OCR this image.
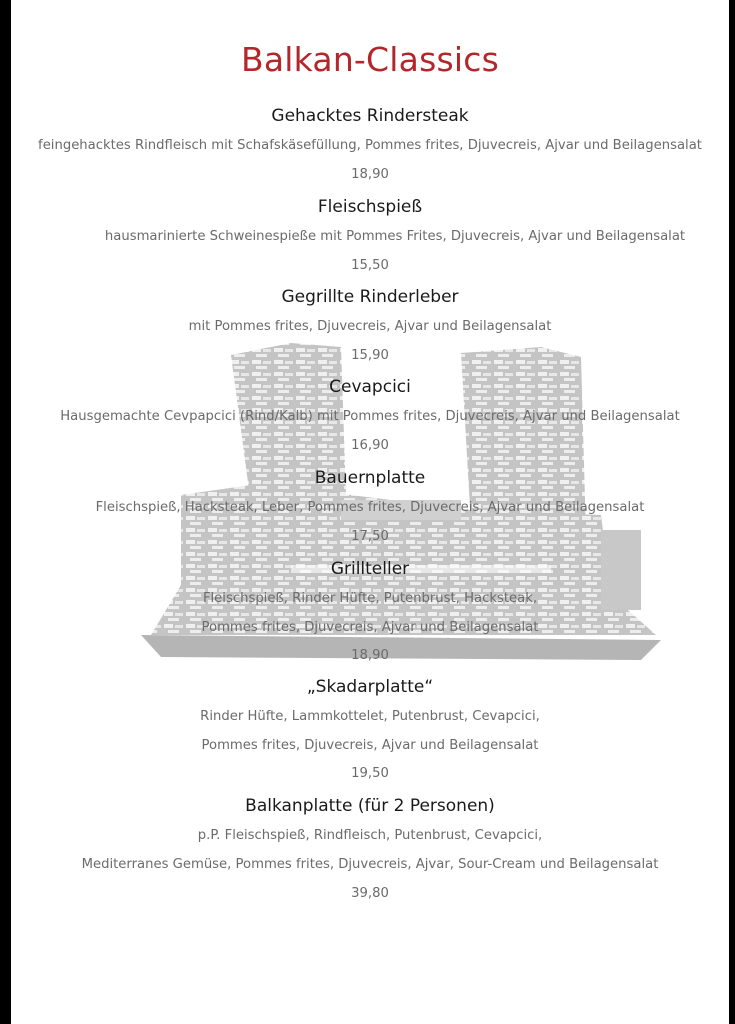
Balkan-Classics
Gehacktes Rindersteak
feingehacktes Rindfleisch mit Schafskäsefüllung, Pommes frites, Djuvecreis, Ajvar und Beilagensalat
18,90
Fleischspieß
hausmarinierte Schweinespieße mit Pommes Frites, Djuvecreis, Ajvar und Beilagensalat
15,50
Gegrillte Rinderleber
mit Pommes frites, Djuvecreis, Ajvar und Beilagensalat
15,90
Cevapcici
Hausgemachte Cevpapcici (Rind/Kalb) mit Pommes frites, Djuvecreis, Ajvar und Beilagensalat
16,90
Bauernplatte
Fleischspieß, Hacksteak, Leber, Pommes frites, Djuvecreis, Ajvar und Beilagensalat
17,50
Grillteller
Fleischspieß, Rinder Hüfte, Putenbrust, Hacksteak,
Pommes frites, Djuvecreis, Ajvar und Beilagensalat
18,90
„Skadarplatte“
Rinder Hüfte, Lammkottelet, Putenbrust, Cevapcici,
Pommes frites, Djuvecreis, Ajvar und Beilagensalat
19,50
Balkanplatte (für 2 Personen)
p.P. Fleischspieß, Rindfleisch, Putenbrust, Cevapcici,
Mediterranes Gemüse, Pommes frites, Djuvecreis, Ajvar, Sour-Cream und Beilagensalat
39,80
